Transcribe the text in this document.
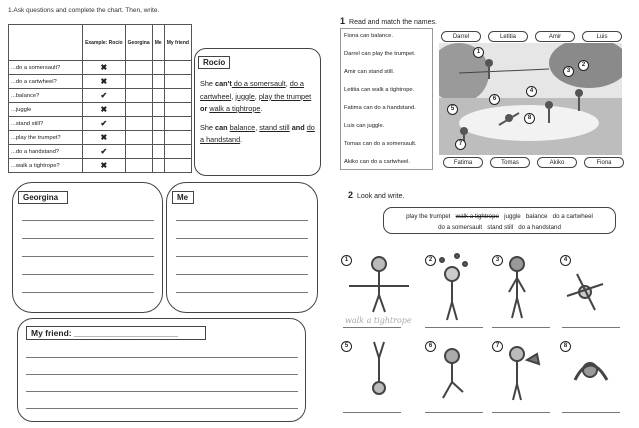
1.Ask questions and complete the chart. Then, write.
	Example: Rocío	Georgina	Me	My friend
...do a somersault?	✖			
...do a cartwheel?	✖			
...balance?	✔			
...juggle	✖			
...stand still?	✔			
...play the trumpet?	✖			
...do a handstand?	✔			
...walk a tightrope?	✖			
Rocío
She can't do a somersault, do a cartwheel, juggle, play the trumpet or walk a tightrope.
She can balance, stand still and do a handstand.
Georgina	Me
My friend: ______________________
1 Read and match the names.
Fiona can balance.
Darrel can play the trumpet.
Amir can stand still.
Letitia can walk a tightrope.
Fatima can do a handstand.
Luis can juggle.
Tomas can do a somersault.
Akiko can do a cartwheel.
Darrel	Letitia	Amir	Luis
1
2
3
4
5
6
7
8
Fatima	Tomas	Akiko	Fiona
2 Look and write.
play the trumpet walk a tightrope juggle balance do a cartwheel
do a somersault stand still do a handstand
1	2	3	4
walk a tightrope
5	6	7	8
